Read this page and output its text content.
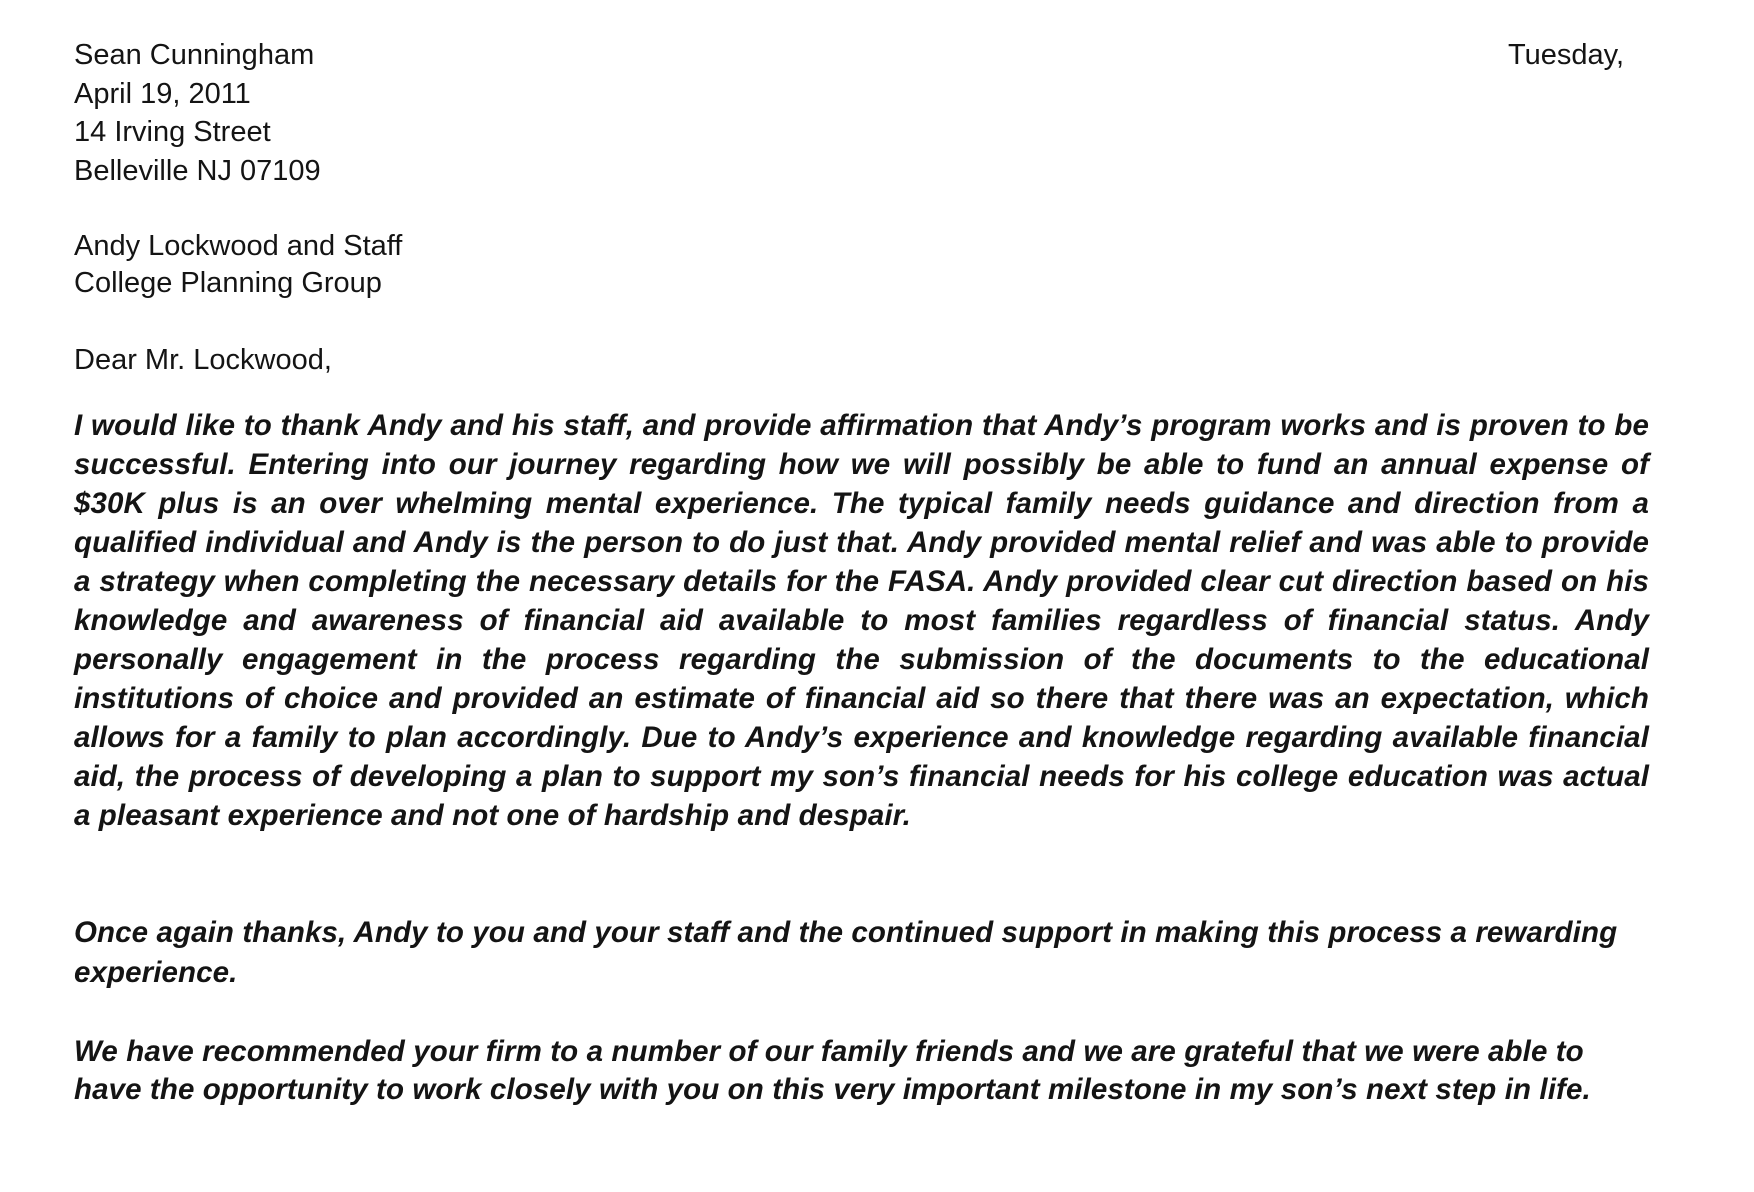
Sean Cunningham
April 19, 2011
14 Irving Street
Belleville NJ 07109
Tuesday,
Andy Lockwood and Staff
College Planning Group
Dear Mr. Lockwood,
I would like to thank Andy and his staff, and provide affirmation that Andy’s program works and is proven to be successful. Entering into our journey regarding how we will possibly be able to fund an annual expense of $30K plus is an over whelming mental experience. The typical family needs guidance and direction from a qualified individual and Andy is the person to do just that. Andy provided mental relief and was able to provide a strategy when completing the necessary details for the FASA. Andy provided clear cut direction based on his knowledge and awareness of financial aid available to most families regardless of financial status. Andy personally engagement in the process regarding the submission of the documents to the educational institutions of choice and provided an estimate of financial aid so there that there was an expectation, which allows for a family to plan accordingly. Due to Andy’s experience and knowledge regarding available financial aid, the process of developing a plan to support my son’s financial needs for his college education was actual a pleasant experience and not one of hardship and despair.
Once again thanks, Andy to you and your staff and the continued support in making this process a rewarding experience.
We have recommended your firm to a number of our family friends and we are grateful that we were able to have the opportunity to work closely with you on this very important milestone in my son’s next step in life.
